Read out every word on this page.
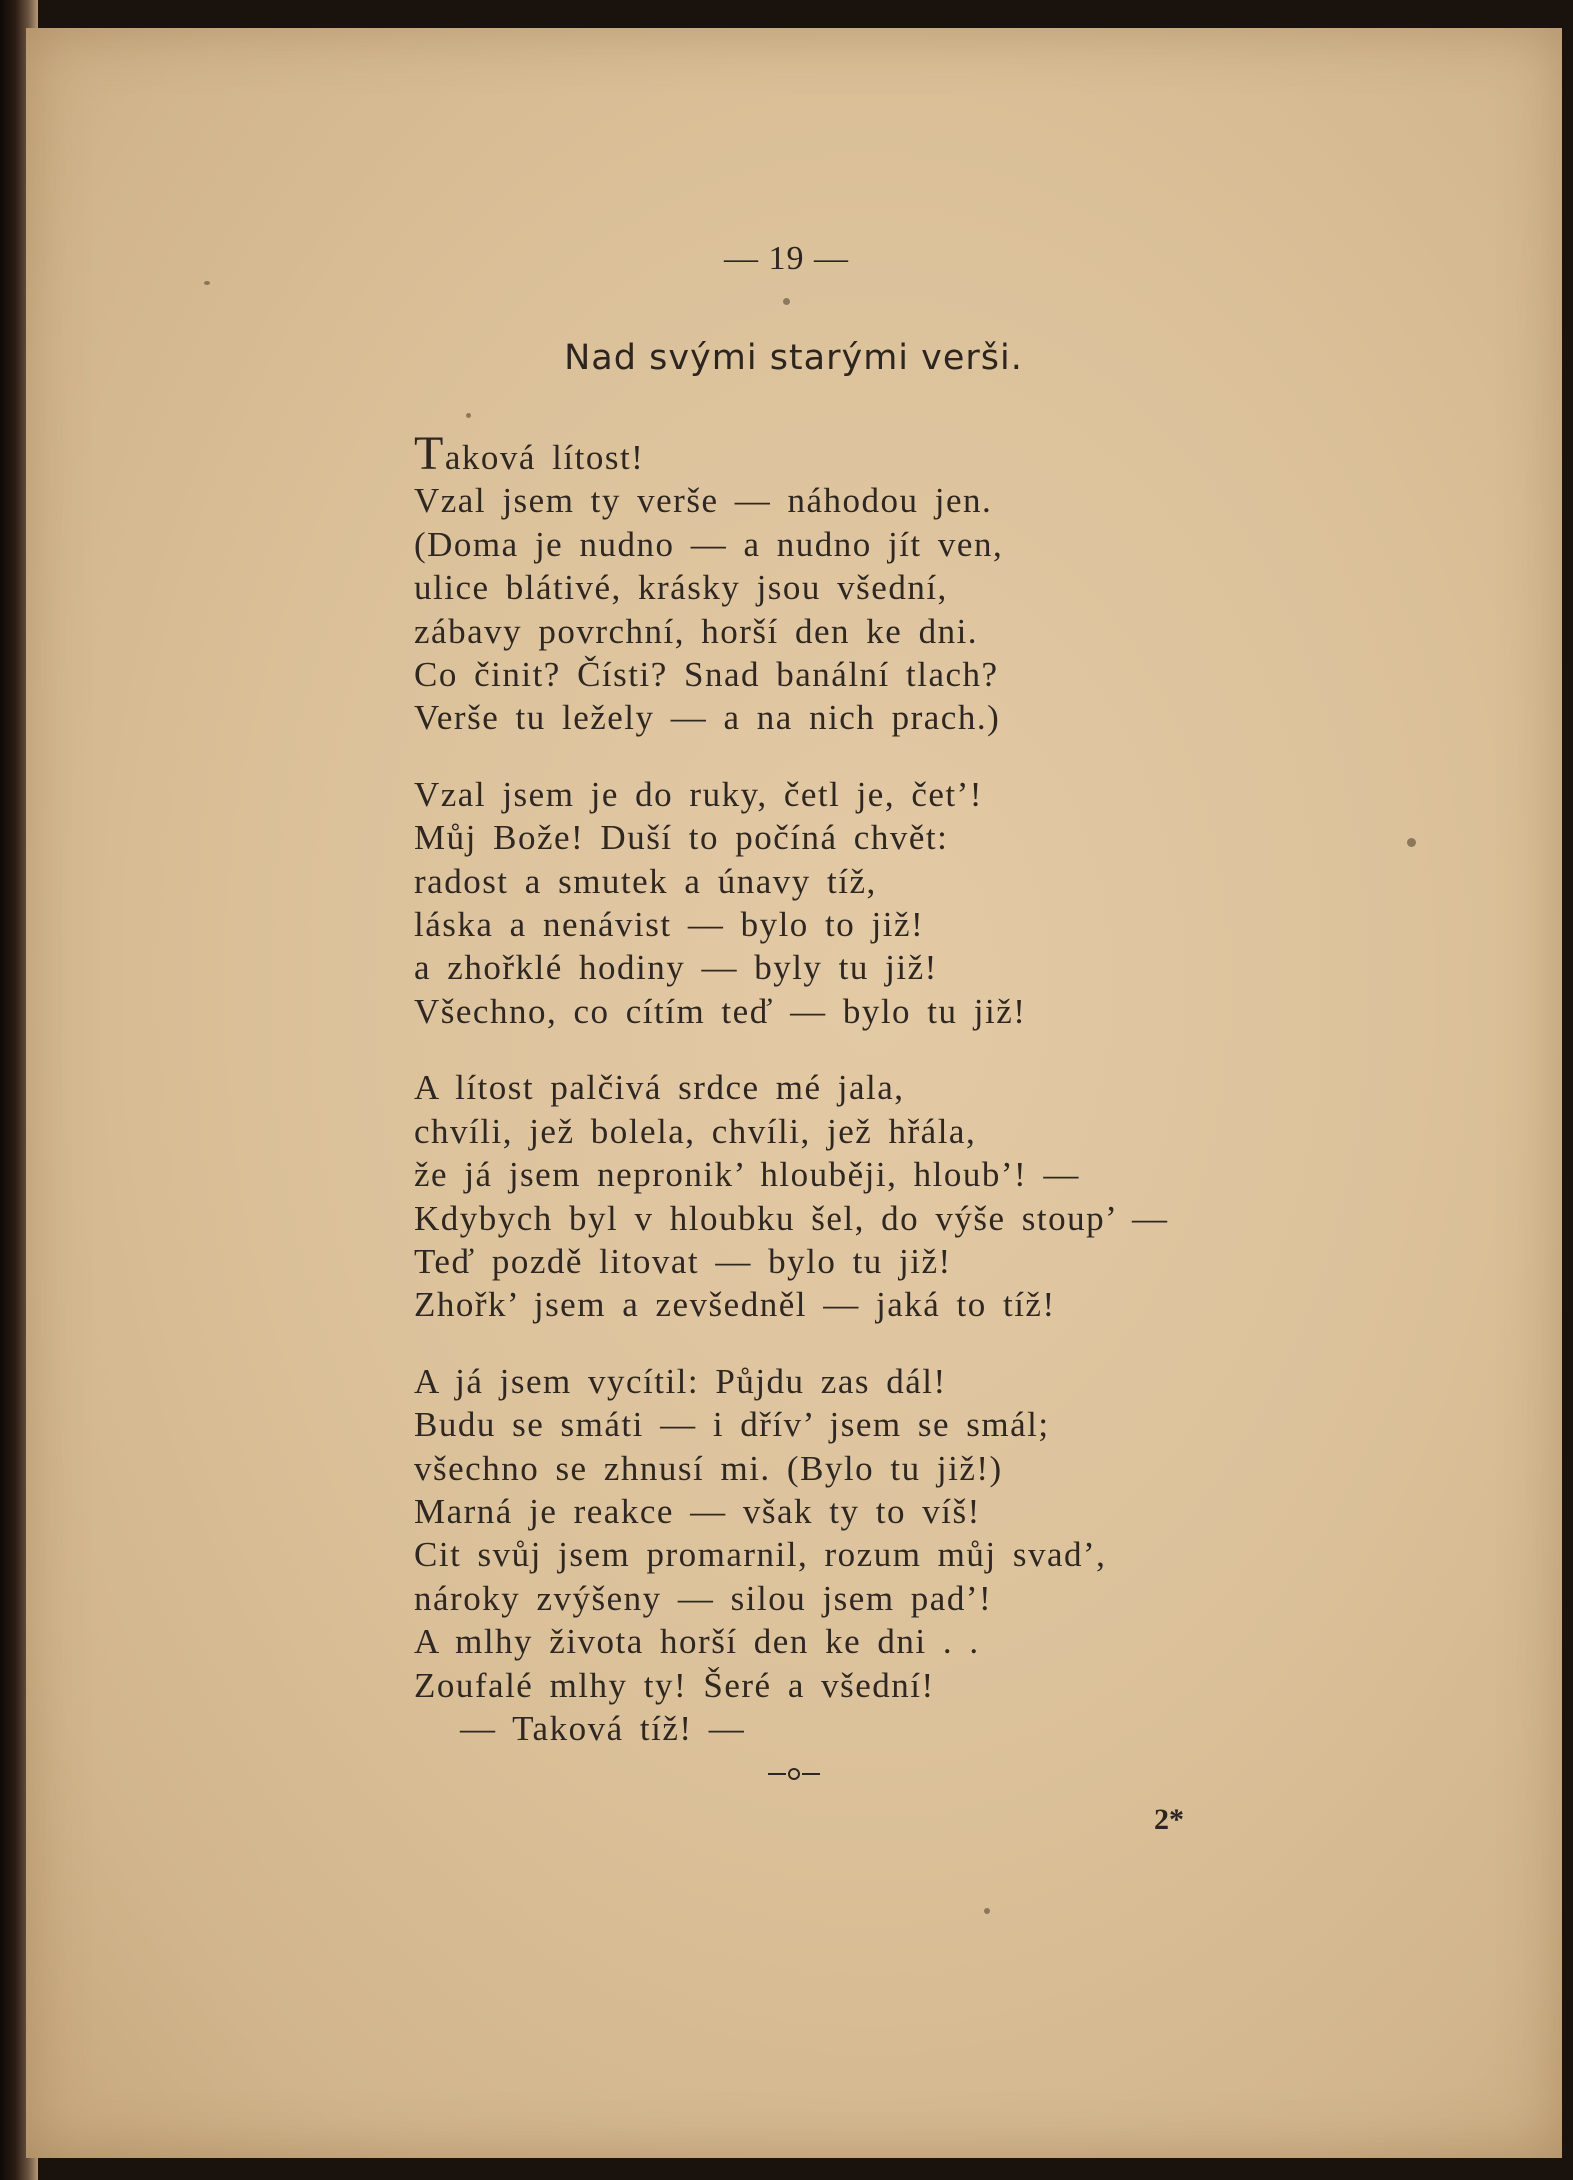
— 19 —
Nad svými starými verši.
Taková lítost!
Vzal jsem ty verše — náhodou jen.
(Doma je nudno — a nudno jít ven,
ulice blátivé, krásky jsou všední,
zábavy povrchní, horší den ke dni.
Co činit? Čísti? Snad banální tlach?
Verše tu ležely — a na nich prach.)
Vzal jsem je do ruky, četl je, čet’!
Můj Bože! Duší to počíná chvět:
radost a smutek a únavy tíž,
láska a nenávist — bylo to již!
a zhořklé hodiny — byly tu již!
Všechno, co cítím teď — bylo tu již!
A lítost palčivá srdce mé jala,
chvíli, jež bolela, chvíli, jež hřála,
že já jsem nepronik’ hlouběji, hloub’! —
Kdybych byl v hloubku šel, do výše stoup’ —
Teď pozdě litovat — bylo tu již!
Zhořk’ jsem a zevšedněl — jaká to tíž!
A já jsem vycítil: Půjdu zas dál!
Budu se smáti — i dřív’ jsem se smál;
všechno se zhnusí mi. (Bylo tu již!)
Marná je reakce — však ty to víš!
Cit svůj jsem promarnil, rozum můj svad’,
nároky zvýšeny — silou jsem pad’!
A mlhy života horší den ke dni . .
Zoufalé mlhy ty! Šeré a všední!
— Taková tíž! —
2*
